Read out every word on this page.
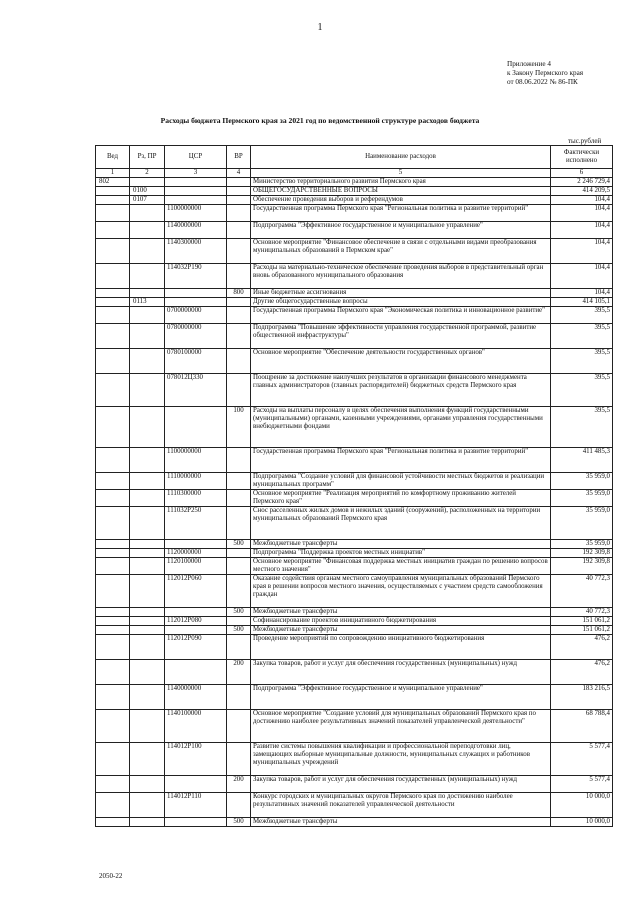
1
Приложение 4
к Закону Пермского края
от 08.06.2022 № 86-ПК
Расходы бюджета Пермского края за 2021 год по ведомственной структуре расходов бюджета
тыс.рублей
Вед	Рз, ПР	ЦСР	ВР	Наименование расходов	Фактически исполнено
1	2	3	4	5	6
802				Министерство территориального развития Пермского края	2 246 729,4
	0100			ОБЩЕГОСУДАРСТВЕННЫЕ ВОПРОСЫ	414 209,5
	0107			Обеспечение проведения выборов и референдумов	104,4
		1100000000		Государственная программа Пермского края "Региональная политика и развитие территорий"	104,4
		1140000000		Подпрограмма "Эффективное государственное и муниципальное управление"	104,4
		1140300000		Основное мероприятие "Финансовое обеспечение в связи с отдельными видами преобразования муниципальных образований в Пермском крае"	104,4
		114032Р190		Расходы на материально-техническое обеспечение проведения выборов в представительный орган вновь образованного муниципального образования	104,4
			800	Иные бюджетные ассигнования	104,4
	0113			Другие общегосударственные вопросы	414 105,1
		0700000000		Государственная программа Пермского края "Экономическая политика и инновационное развитие"	395,5
		0780000000		Подпрограмма "Повышение эффективности управления государственной программой, развитие общественной инфраструктуры"	395,5
		0780100000		Основное мероприятие "Обеспечение деятельности государственных органов"	395,5
		078012Ц330		Поощрение за достижение наилучших результатов в организации финансового менеджмента главных администраторов (главных распорядителей) бюджетных средств Пермского края	395,5
			100	Расходы на выплаты персоналу в целях обеспечения выполнения функций государственными (муниципальными) органами, казенными учреждениями, органами управления государственными внебюджетными фондами	395,5
		1100000000		Государственная программа Пермского края "Региональная политика и развитие территорий"	411 485,3
		1110000000		Подпрограмма "Создание условий для финансовой устойчивости местных бюджетов и реализации муниципальных программ"	35 959,0
		1110300000		Основное мероприятие "Реализация мероприятий по комфортному проживанию жителей Пермского края"	35 959,0
		111032Р250		Снос расселенных жилых домов и нежилых зданий (сооружений), расположенных на территории муниципальных образований Пермского края	35 959,0
			500	Межбюджетные трансферты	35 959,0
		1120000000		Подпрограмма "Поддержка проектов местных инициатив"	192 309,8
		1120100000		Основное мероприятие "Финансовая поддержка местных инициатив граждан по решению вопросов местного значения"	192 309,8
		112012Р060		Оказание содействия органам местного самоуправления муниципальных образований Пермского края в решении вопросов местного значения, осуществляемых с участием средств самообложения граждан	40 772,3
			500	Межбюджетные трансферты	40 772,3
		112012Р080		Софинансирование проектов инициативного бюджетирования	151 061,2
			500	Межбюджетные трансферты	151 061,2
		112012Р090		Проведение мероприятий по сопровождению инициативного бюджетирования	476,2
			200	Закупка товаров, работ и услуг для обеспечения государственных (муниципальных) нужд	476,2
		1140000000		Подпрограмма "Эффективное государственное и муниципальное управление"	183 216,5
		1140100000		Основное мероприятие "Создание условий для муниципальных образований Пермского края по достижению наиболее результативных значений показателей управленческой деятельности"	68 788,4
		114012Р100		Развитие системы повышения квалификации и профессиональной переподготовки лиц, замещающих выборные муниципальные должности, муниципальных служащих и работников муниципальных учреждений	5 577,4
			200	Закупка товаров, работ и услуг для обеспечения государственных (муниципальных) нужд	5 577,4
		114012Р110		Конкурс городских и муниципальных округов Пермского края по достижению наиболее результативных значений показателей управленческой деятельности	10 000,0
			500	Межбюджетные трансферты	10 000,0
2050-22
